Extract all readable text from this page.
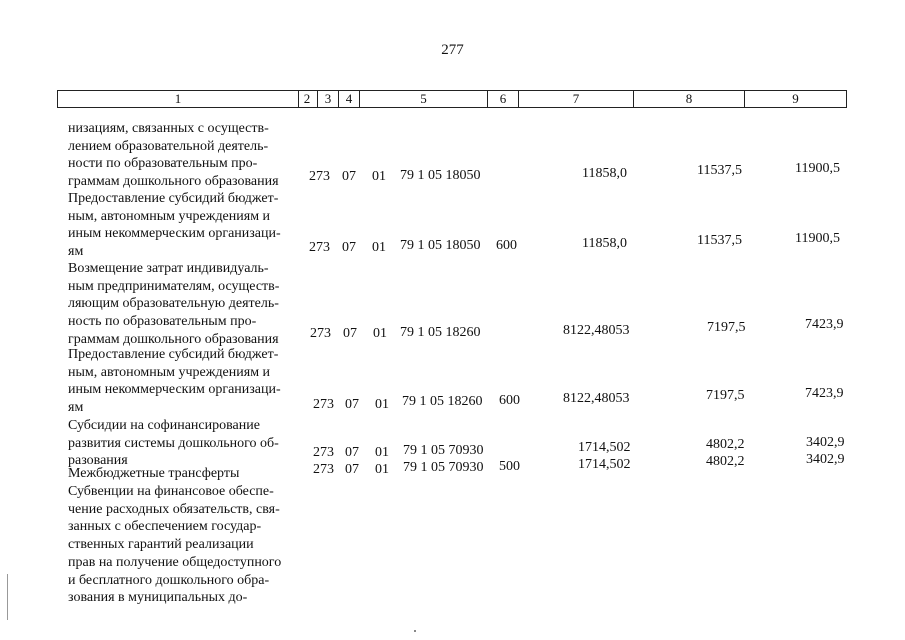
277
1	2	3	4	5	6	7	8	9
низациям, связанных с осуществ-
лением образовательной деятель-
ности по образовательным про-
граммам дошкольного образования	273 07 01 79 1 05 18050	11858,0	11537,5	11900,5
Предоставление субсидий бюджет-
ным, автономным учреждениям и
иным некоммерческим организаци-
ям	273 07 01 79 1 05 18050 600	11858,0	11537,5	11900,5
Возмещение затрат индивидуаль-
ным предпринимателям, осуществ-
ляющим образовательную деятель-
ность по образовательным про-
граммам дошкольного образования	273 07 01 79 1 05 18260	8122,48053	7197,5	7423,9
Предоставление субсидий бюджет-
ным, автономным учреждениям и
иным некоммерческим организаци-
ям	273 07 01 79 1 05 18260 600	8122,48053	7197,5	7423,9
Субсидии на софинансирование
развития системы дошкольного об-
разования
273 07 01 79 1 05 70930	1714,502	4802,2	3402,9
Межбюджетные трансферты	273 07 01 79 1 05 70930 500	1714,502	4802,2	3402,9
Субвенции на финансовое обеспе-
чение расходных обязательств, свя-
занных с обеспечением государ-
ственных гарантий реализации
прав на получение общедоступного
и бесплатного дошкольного обра-
зования в муниципальных до-
